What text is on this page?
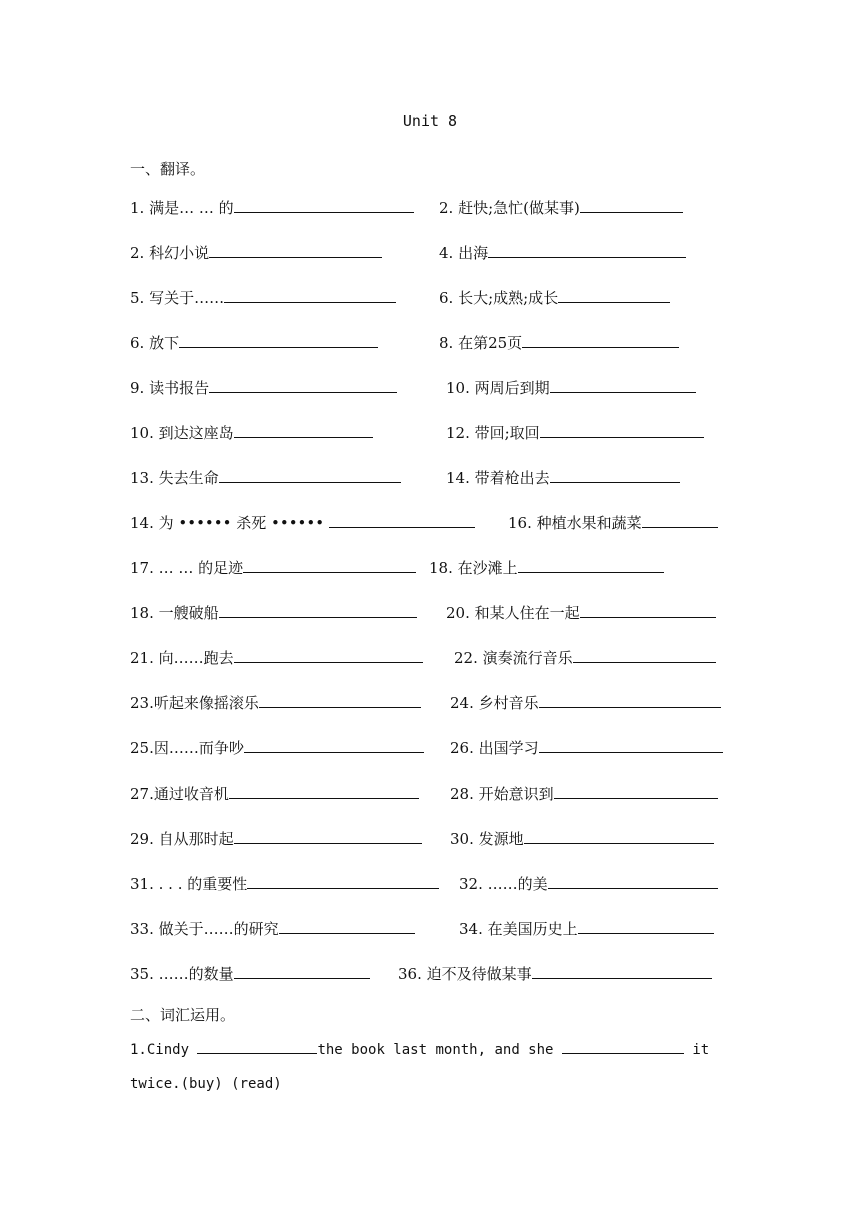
Unit 8
一、翻译。
1. 满是… … 的	2. 赶快;急忙(做某事)
2. 科幻小说	4. 出海
5. 写关于……	6. 长大;成熟;成长
6. 放下	8. 在第25页
9. 读书报告	10. 两周后到期
10. 到达这座岛	12. 带回;取回
13. 失去生命	14. 带着枪出去
14. 为 •••••• 杀死 ••••••	16. 种植水果和蔬菜
17. … … 的足迹	18. 在沙滩上
18. 一艘破船	20. 和某人住在一起
21. 向……跑去	22. 演奏流行音乐
23.听起来像摇滚乐	24. 乡村音乐
25.因……而争吵	26. 出国学习
27.通过收音机	28. 开始意识到
29. 自从那时起	30. 发源地
31. . . . 的重要性	32. ……的美
33. 做关于……的研究	34. 在美国历史上
35. ……的数量	36. 迫不及待做某事
二、词汇运用。
1.Cindy	the book last month, and she	it
twice.(buy) (read)
